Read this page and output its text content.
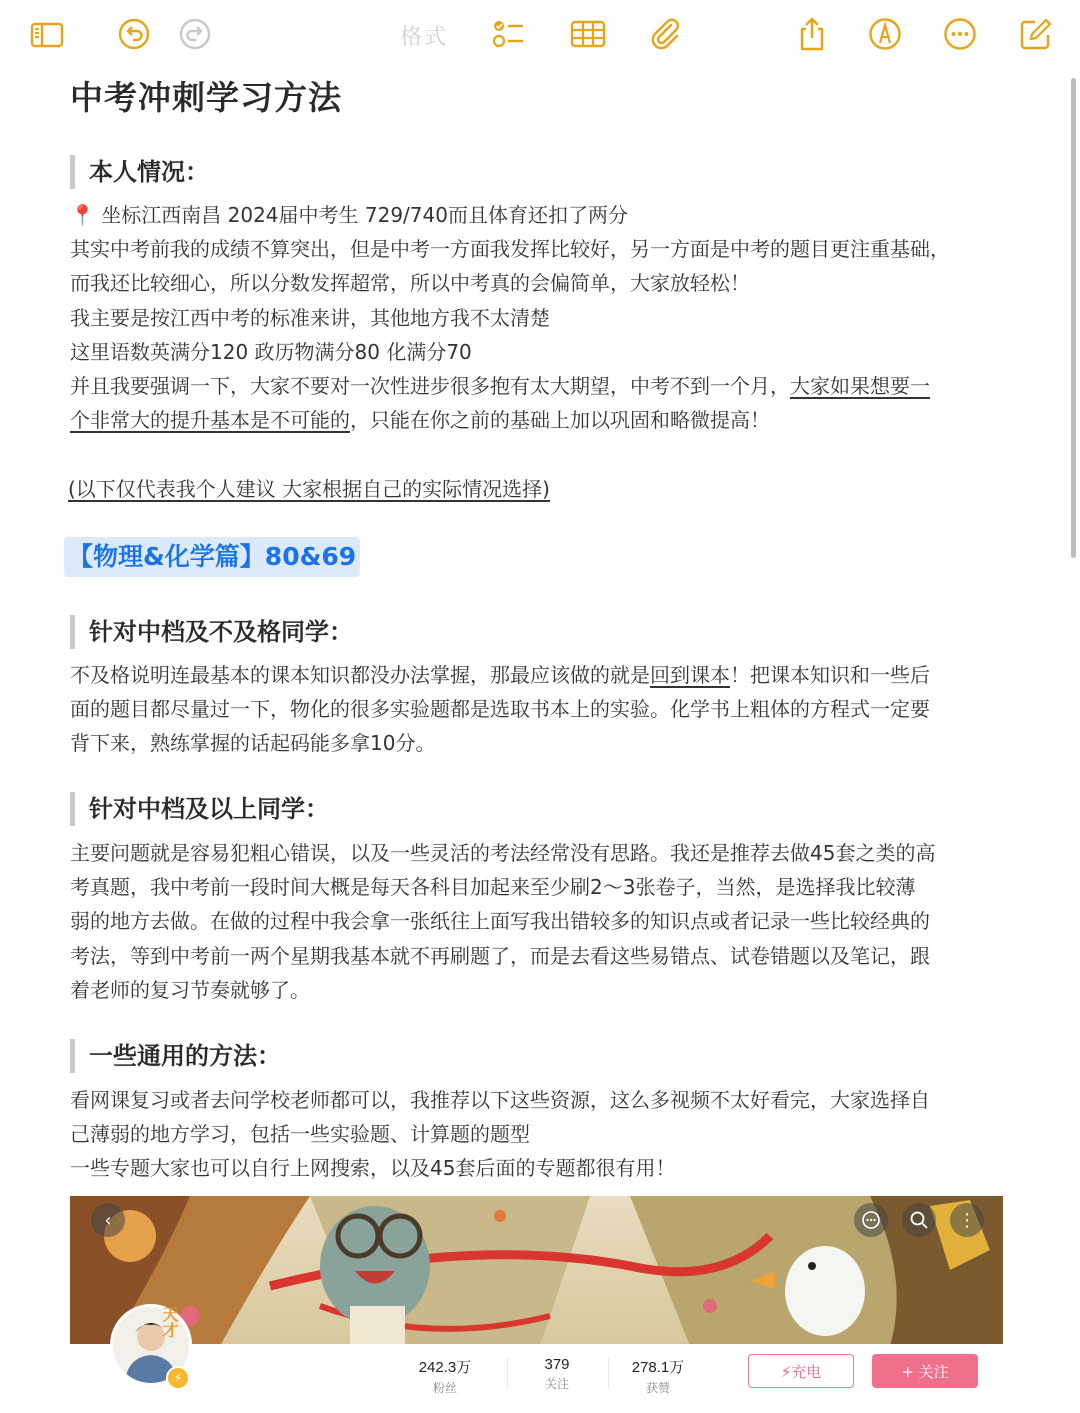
格式
中考冲刺学习方法
本人情况：
📍 坐标江西南昌 2024届中考生 729/740而且体育还扣了两分
其实中考前我的成绩不算突出，但是中考一方面我发挥比较好，另一方面是中考的题目更注重基础，
而我还比较细心，所以分数发挥超常，所以中考真的会偏简单，大家放轻松！
我主要是按江西中考的标准来讲，其他地方我不太清楚
这里语数英满分120 政历物满分80 化满分70
并且我要强调一下，大家不要对一次性进步很多抱有太大期望，中考不到一个月，大家如果想要一
个非常大的提升基本是不可能的，只能在你之前的基础上加以巩固和略微提高！
(以下仅代表我个人建议 大家根据自己的实际情况选择)
【物理&化学篇】80&69
针对中档及不及格同学：
不及格说明连最基本的课本知识都没办法掌握，那最应该做的就是回到课本！把课本知识和一些后
面的题目都尽量过一下，物化的很多实验题都是选取书本上的实验。化学书上粗体的方程式一定要
背下来，熟练掌握的话起码能多拿10分。
针对中档及以上同学：
主要问题就是容易犯粗心错误，以及一些灵活的考法经常没有思路。我还是推荐去做45套之类的高
考真题，我中考前一段时间大概是每天各科目加起来至少刷2～3张卷子，当然，是选择我比较薄
弱的地方去做。在做的过程中我会拿一张纸往上面写我出错较多的知识点或者记录一些比较经典的
考法，等到中考前一两个星期我基本就不再刷题了，而是去看这些易错点、试卷错题以及笔记，跟
着老师的复习节奏就够了。
一些通用的方法：
看网课复习或者去问学校老师都可以，我推荐以下这些资源，这么多视频不太好看完，大家选择自
己薄弱的地方学习，包括一些实验题、计算题的题型
一些专题大家也可以自行上网搜索，以及45套后面的专题都很有用！
‹	⋮
天才
⚡
242.3万
粉丝
379
关注
278.1万
获赞
⚡充电	+ 关注
